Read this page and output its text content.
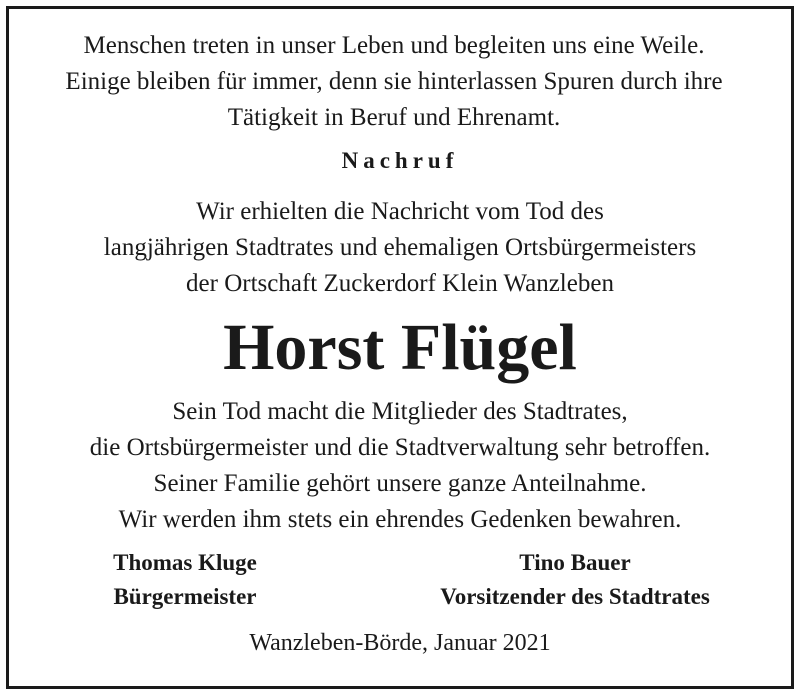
Menschen treten in unser Leben und begleiten uns eine Weile.
Einige bleiben für immer, denn sie hinterlassen Spuren durch ihre
Tätigkeit in Beruf und Ehrenamt.
Nachruf
Wir erhielten die Nachricht vom Tod des
langjährigen Stadtrates und ehemaligen Ortsbürgermeisters
der Ortschaft Zuckerdorf Klein Wanzleben
Horst Flügel
Sein Tod macht die Mitglieder des Stadtrates,
die Ortsbürgermeister und die Stadtverwaltung sehr betroffen.
Seiner Familie gehört unsere ganze Anteilnahme.
Wir werden ihm stets ein ehrendes Gedenken bewahren.
Thomas Kluge
Bürgermeister
Tino Bauer
Vorsitzender des Stadtrates
Wanzleben-Börde, Januar 2021
